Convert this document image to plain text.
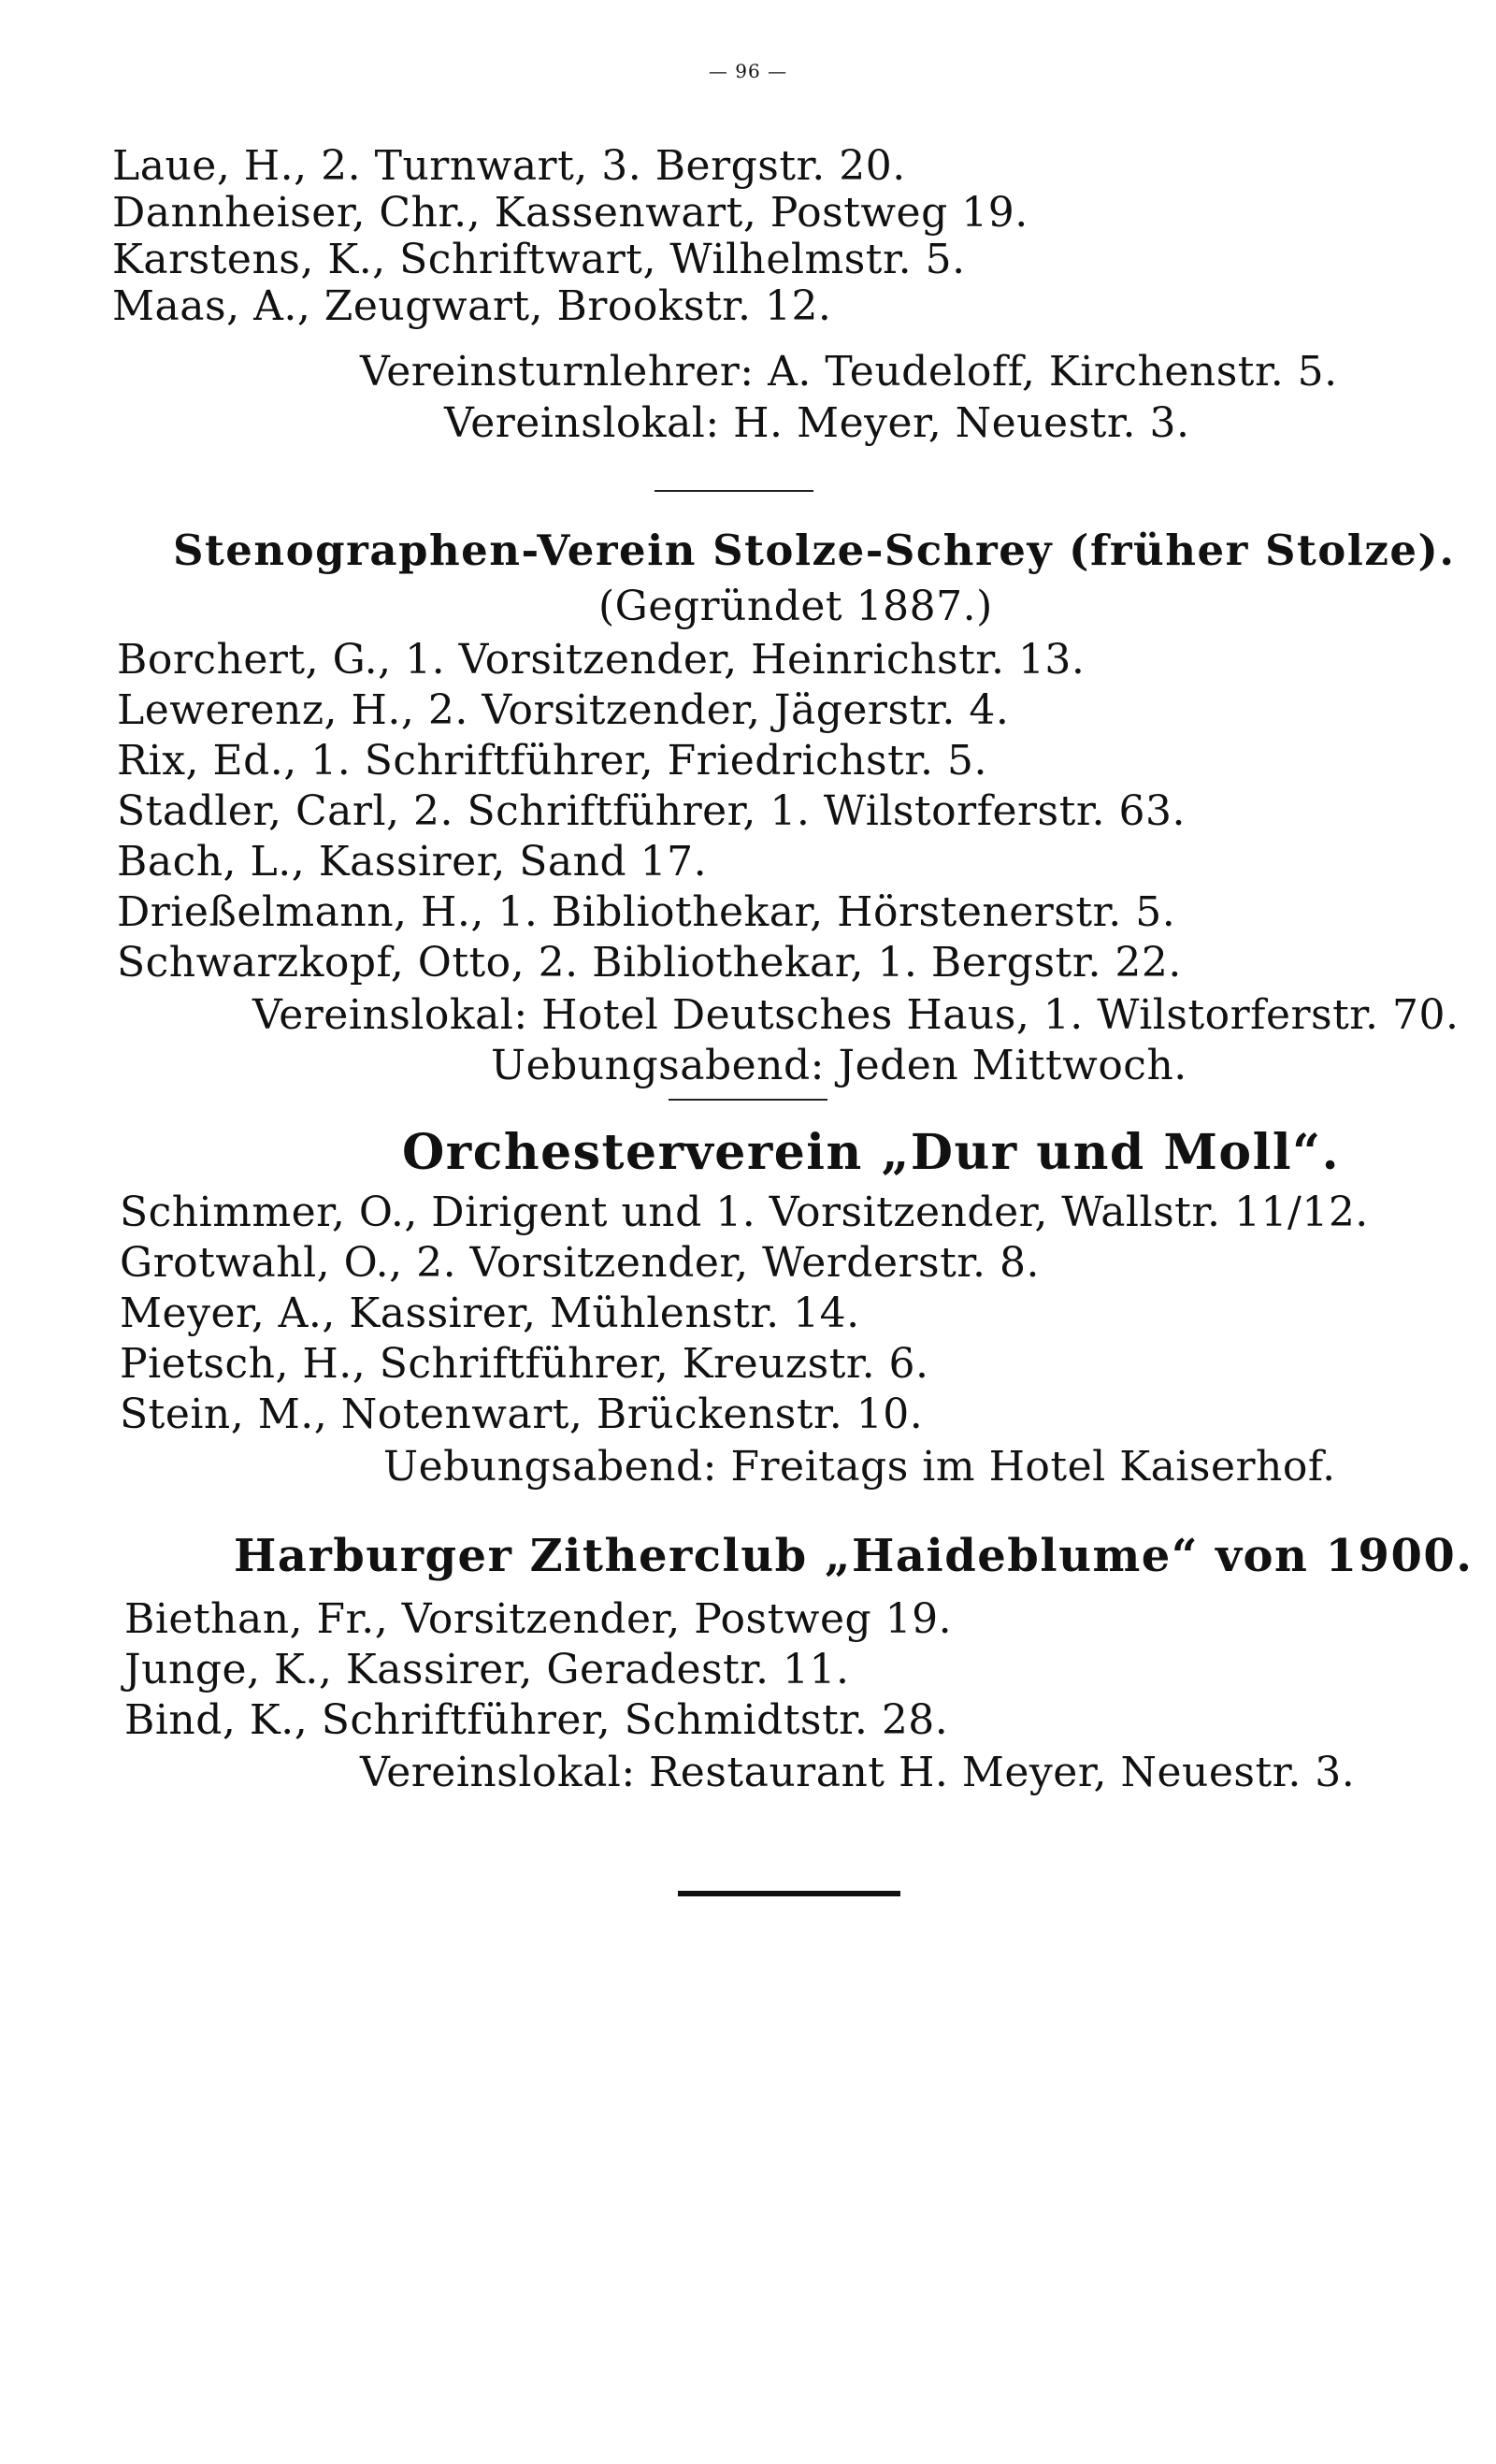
— 96 —
Laue, H., 2. Turnwart, 3. Bergstr. 20.
Dannheiser, Chr., Kassenwart, Postweg 19.
Karstens, K., Schriftwart, Wilhelmstr. 5.
Maas, A., Zeugwart, Brookstr. 12.
Vereinsturnlehrer: A. Teudeloff, Kirchenstr. 5.
Vereinslokal: H. Meyer, Neuestr. 3.
Stenographen-Verein Stolze-Schrey (früher Stolze).
(Gegründet 1887.)
Borchert, G., 1. Vorsitzender, Heinrichstr. 13.
Lewerenz, H., 2. Vorsitzender, Jägerstr. 4.
Rix, Ed., 1. Schriftführer, Friedrichstr. 5.
Stadler, Carl, 2. Schriftführer, 1. Wilstorferstr. 63.
Bach, L., Kassirer, Sand 17.
Drießelmann, H., 1. Bibliothekar, Hörstenerstr. 5.
Schwarzkopf, Otto, 2. Bibliothekar, 1. Bergstr. 22.
Vereinslokal: Hotel Deutsches Haus, 1. Wilstorferstr. 70.
Uebungsabend: Jeden Mittwoch.
Orchesterverein „Dur und Moll“.
Schimmer, O., Dirigent und 1. Vorsitzender, Wallstr. 11/12.
Grotwahl, O., 2. Vorsitzender, Werderstr. 8.
Meyer, A., Kassirer, Mühlenstr. 14.
Pietsch, H., Schriftführer, Kreuzstr. 6.
Stein, M., Notenwart, Brückenstr. 10.
Uebungsabend: Freitags im Hotel Kaiserhof.
Harburger Zitherclub „Haideblume“ von 1900.
Biethan, Fr., Vorsitzender, Postweg 19.
Junge, K., Kassirer, Geradestr. 11.
Bind, K., Schriftführer, Schmidtstr. 28.
Vereinslokal: Restaurant H. Meyer, Neuestr. 3.
